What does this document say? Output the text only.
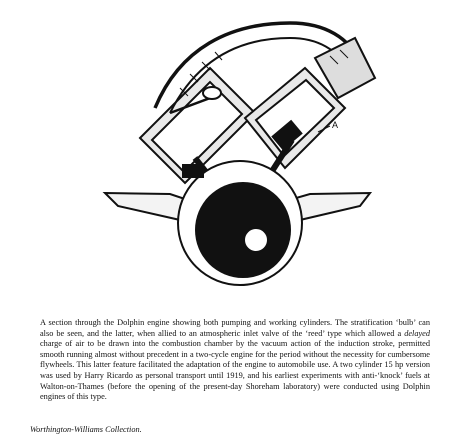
A
A section through the Dolphin engine showing both pumping and working cylinders. The stratification ‘bulb’ can also be seen, and the latter, when allied to an atmospheric inlet valve of the ‘reed’ type which allowed a delayed charge of air to be drawn into the combustion chamber by the vacuum action of the induction stroke, permitted smooth running almost without precedent in a two-cycle engine for the period without the necessity for cumbersome flywheels. This latter feature facilitated the adaptation of the engine to automobile use. A two cylinder 15 hp version was used by Harry Ricardo as personal transport until 1919, and his earliest experiments with anti-‘knock’ fuels at Walton-on-Thames (before the opening of the present-day Shoreham laboratory) were conducted using Dolphin engines of this type.
Worthington-Williams Collection.
